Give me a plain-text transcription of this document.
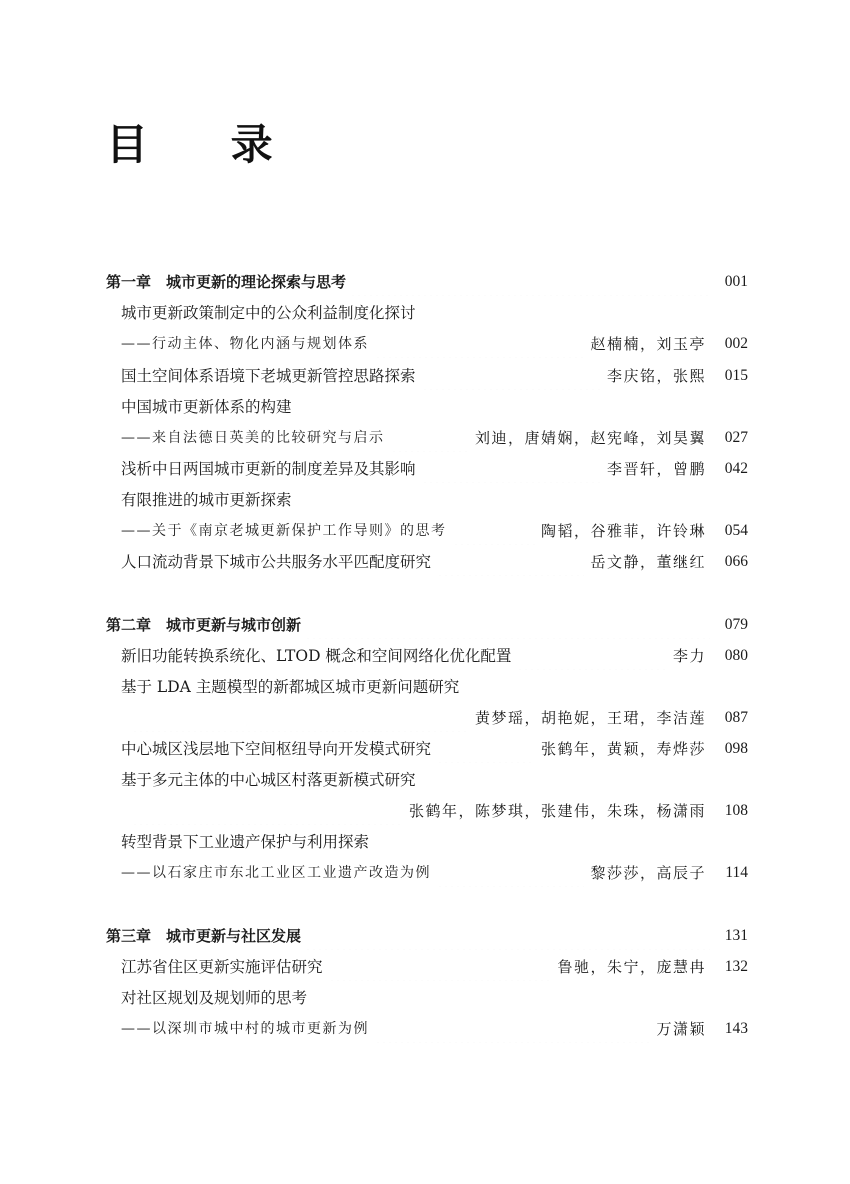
目 录
第一章　城市更新的理论探索与思考	001
城市更新政策制定中的公众利益制度化探讨
——行动主体、物化内涵与规划体系	赵楠楠，刘玉亭	002
国土空间体系语境下老城更新管控思路探索	李庆铭，张熙	015
中国城市更新体系的构建
——来自法德日英美的比较研究与启示	刘迪，唐婧娴，赵宪峰，刘昊翼	027
浅析中日两国城市更新的制度差异及其影响	李晋轩，曾鹏	042
有限推进的城市更新探索
——关于《南京老城更新保护工作导则》的思考	陶韬，谷雅菲，许铃琳	054
人口流动背景下城市公共服务水平匹配度研究	岳文静，董继红	066
第二章　城市更新与城市创新	079
新旧功能转换系统化、LTOD 概念和空间网络化优化配置	李力	080
基于 LDA 主题模型的新都城区城市更新问题研究
黄梦瑶，胡艳妮，王珺，李洁莲	087
中心城区浅层地下空间枢纽导向开发模式研究	张鹤年，黄颖，寿烨莎	098
基于多元主体的中心城区村落更新模式研究
张鹤年，陈梦琪，张建伟，朱珠，杨潇雨	108
转型背景下工业遗产保护与利用探索
——以石家庄市东北工业区工业遗产改造为例	黎莎莎，高辰子	114
第三章　城市更新与社区发展	131
江苏省住区更新实施评估研究	鲁驰，朱宁，庞慧冉	132
对社区规划及规划师的思考
——以深圳市城中村的城市更新为例	万潇颖	143
